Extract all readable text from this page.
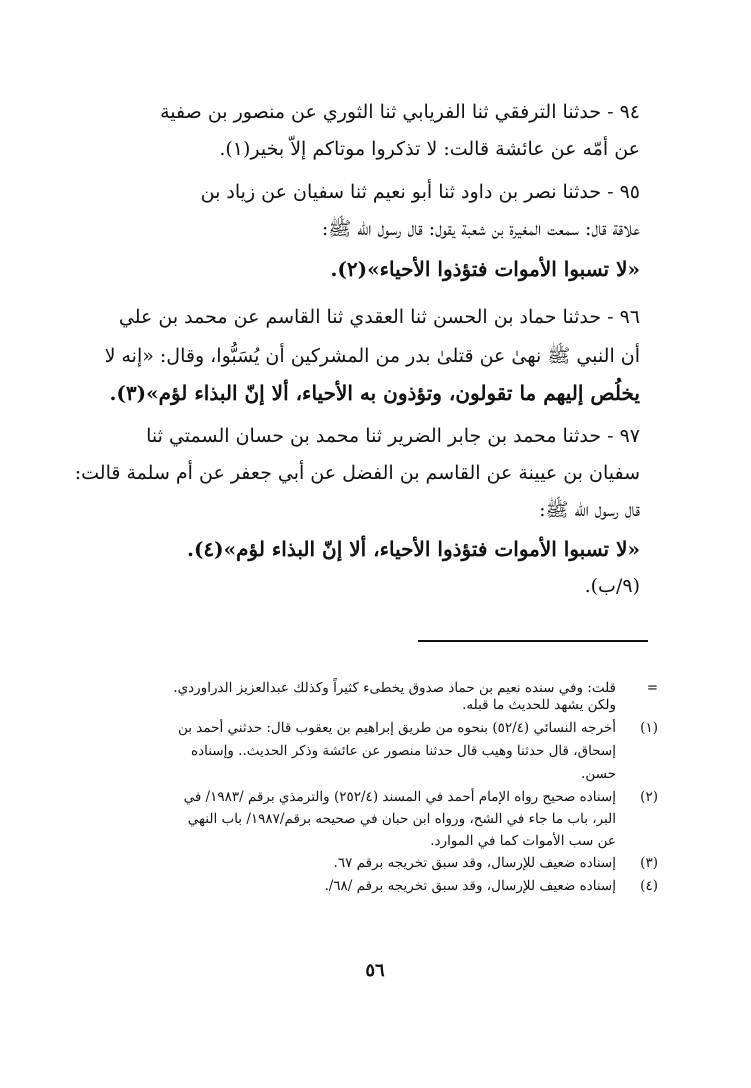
٩٤ - حدثنا الترفقي ثنا الفريابي ثنا الثوري عن منصور بن صفية

عن أمّه عن عائشة قالت: لا تذكروا موتاكم إلاّ بخير(١).

٩٥ - حدثنا نصر بن داود ثنا أبو نعيم ثنا سفيان عن زياد بن

علاقة قال: سمعت المغيرة بن شعبة يقول: قال رسول الله ﷺ:

«لا تسبوا الأموات فتؤذوا الأحياء»(٢).

٩٦ - حدثنا حماد بن الحسن ثنا العقدي ثنا القاسم عن محمد بن علي

أن النبي ﷺ نهىٰ عن قتلىٰ بدر من المشركين أن يُسَبُّوا، وقال: «إنه لا

يخلُص إليهم ما تقولون، وتؤذون به الأحياء، ألا إنّ البذاء لؤم»(٣).

٩٧ - حدثنا محمد بن جابر الضرير ثنا محمد بن حسان السمتي ثنا

سفيان بن عيينة عن القاسم بن الفضل عن أبي جعفر عن أم سلمة قالت:

قال رسول الله ﷺ:

«لا تسبوا الأموات فتؤذوا الأحياء، ألا إنّ البذاء لؤم»(٤).

(٩/ب).

=
قلت: وفي سنده نعيم بن حماد صدوق يخطىء كثيراً وكذلك عبدالعزيز الدراوردي.
ولكن يشهد للحديث ما قبله.
(١)
أخرجه النسائي (٥٢/٤) بنحوه من طريق إبراهيم بن يعقوب قال: حدثني أحمد بن
إسحاق، قال حدثنا وهيب قال حدثنا منصور عن عائشة وذكر الحديث.. وإسناده
حسن.
(٢)
إسناده صحيح رواه الإمام أحمد في المسند (٢٥٢/٤) والترمذي برقم /١٩٨٣/ في
البر، باب ما جاء في الشح، ورواه ابن حبان في صحيحه برقم/١٩٨٧/ باب النهي
عن سب الأموات كما في الموارد.
(٣)
إسناده ضعيف للإرسال، وقد سبق تخريجه برقم ٦٧.
(٤)
إسناده ضعيف للإرسال، وقد سبق تخريجه برقم /٦٨/.
٥٦
